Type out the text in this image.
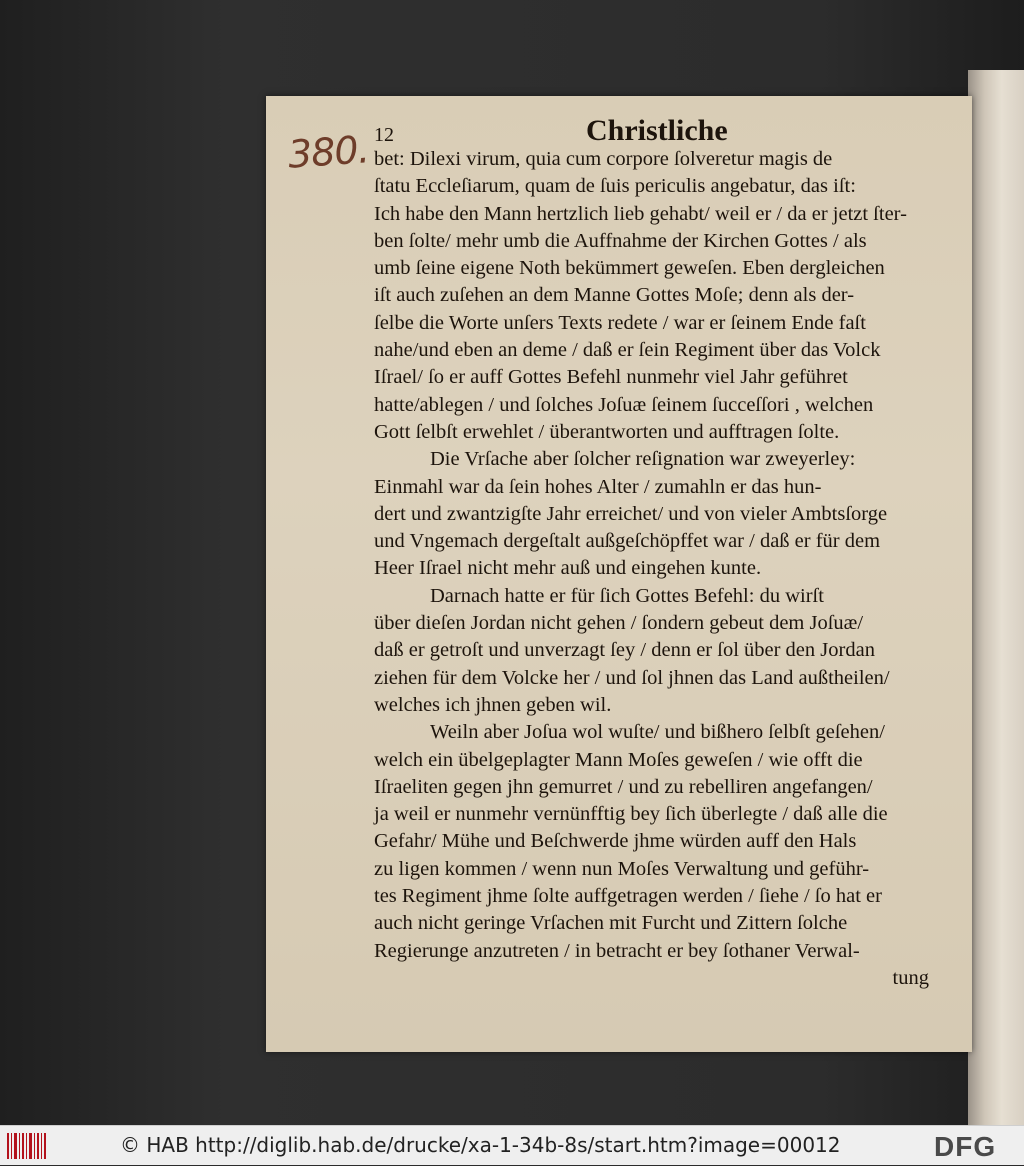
380. 12	Christliche
bet: Dilexi virum, quia cum corpore ſolveretur magis de
ſtatu Eccleſiarum, quam de ſuis periculis angebatur, das iſt:
Ich habe den Mann hertzlich lieb gehabt/ weil er / da er jetzt ſter-
ben ſolte/ mehr umb die Auffnahme der Kirchen Gottes / als
umb ſeine eigene Noth bekümmert geweſen. Eben dergleichen
iſt auch zuſehen an dem Manne Gottes Moſe; denn als der-
ſelbe die Worte unſers Texts redete / war er ſeinem Ende faſt
nahe/und eben an deme / daß er ſein Regiment über das Volck
Iſrael/ ſo er auff Gottes Befehl nunmehr viel Jahr geführet
hatte/ablegen / und ſolches Joſuæ ſeinem ſucceſſori , welchen
Gott ſelbſt erwehlet / überantworten und aufftragen ſolte.
Die Vrſache aber ſolcher reſignation war zweyerley:
Einmahl war da ſein hohes Alter / zumahln er das hun-
dert und zwantzigſte Jahr erreichet/ und von vieler Ambtsſorge
und Vngemach dergeſtalt außgeſchöpffet war / daß er für dem
Heer Iſrael nicht mehr auß und eingehen kunte.
Darnach hatte er für ſich Gottes Befehl: du wirſt
über dieſen Jordan nicht gehen / ſondern gebeut dem Joſuæ/
daß er getroſt und unverzagt ſey / denn er ſol über den Jordan
ziehen für dem Volcke her / und ſol jhnen das Land außtheilen/
welches ich jhnen geben wil.
Weiln aber Joſua wol wuſte/ und bißhero ſelbſt geſehen/
welch ein übelgeplagter Mann Moſes geweſen / wie offt die
Iſraeliten gegen jhn gemurret / und zu rebelliren angefangen/
ja weil er nunmehr vernünfftig bey ſich überlegte / daß alle die
Gefahr/ Mühe und Beſchwerde jhme würden auff den Hals
zu ligen kommen / wenn nun Moſes Verwaltung und geführ-
tes Regiment jhme ſolte auffgetragen werden / ſiehe / ſo hat er
auch nicht geringe Vrſachen mit Furcht und Zittern ſolche
Regierunge anzutreten / in betracht er bey ſothaner Verwal-
tung
© HAB http://diglib.hab.de/drucke/xa-1-34b-8s/start.htm?image=00012	DFG
